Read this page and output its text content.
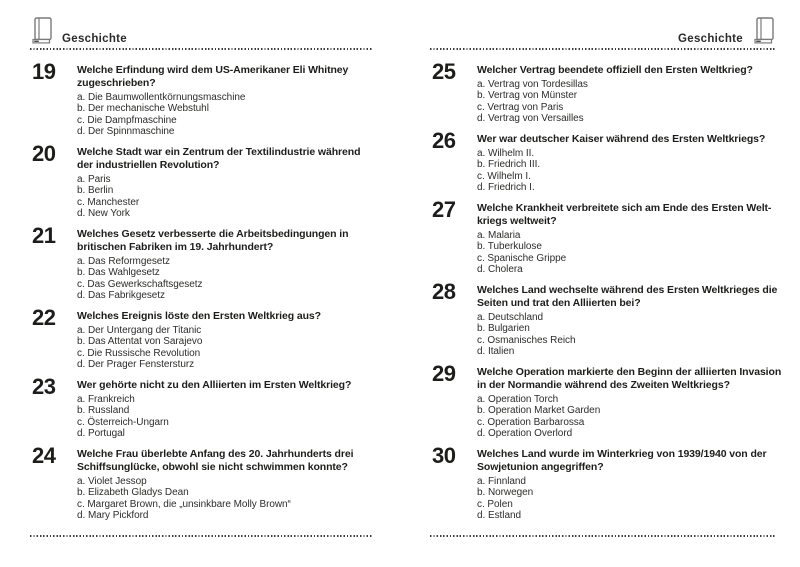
Geschichte
19	Welche Erfindung wird dem US-Amerikaner Eli Whitney
zugeschrieben?
a. Die Baumwollentkörnungsmaschine
b. Der mechanische Webstuhl
c. Die Dampfmaschine
d. Der Spinnmaschine
20	Welche Stadt war ein Zentrum der Textilindustrie während
der industriellen Revolution?
a. Paris
b. Berlin
c. Manchester
d. New York
21	Welches Gesetz verbesserte die Arbeitsbedingungen in
britischen Fabriken im 19. Jahrhundert?
a. Das Reformgesetz
b. Das Wahlgesetz
c. Das Gewerkschaftsgesetz
d. Das Fabrikgesetz
22	Welches Ereignis löste den Ersten Weltkrieg aus?
a. Der Untergang der Titanic
b. Das Attentat von Sarajevo
c. Die Russische Revolution
d. Der Prager Fenstersturz
23	Wer gehörte nicht zu den Alliierten im Ersten Weltkrieg?
a. Frankreich
b. Russland
c. Österreich-Ungarn
d. Portugal
24	Welche Frau überlebte Anfang des 20. Jahrhunderts drei
Schiffsunglücke, obwohl sie nicht schwimmen konnte?
a. Violet Jessop
b. Elizabeth Gladys Dean
c. Margaret Brown, die „unsinkbare Molly Brown“
d. Mary Pickford
Geschichte
25	Welcher Vertrag beendete offiziell den Ersten Weltkrieg?
a. Vertrag von Tordesillas
b. Vertrag von Münster
c. Vertrag von Paris
d. Vertrag von Versailles
26	Wer war deutscher Kaiser während des Ersten Weltkriegs?
a. Wilhelm II.
b. Friedrich III.
c. Wilhelm I.
d. Friedrich I.
27	Welche Krankheit verbreitete sich am Ende des Ersten Welt-
kriegs weltweit?
a. Malaria
b. Tuberkulose
c. Spanische Grippe
d. Cholera
28	Welches Land wechselte während des Ersten Weltkrieges die
Seiten und trat den Alliierten bei?
a. Deutschland
b. Bulgarien
c. Osmanisches Reich
d. Italien
29	Welche Operation markierte den Beginn der alliierten Invasion
in der Normandie während des Zweiten Weltkriegs?
a. Operation Torch
b. Operation Market Garden
c. Operation Barbarossa
d. Operation Overlord
30	Welches Land wurde im Winterkrieg von 1939/1940 von der
Sowjetunion angegriffen?
a. Finnland
b. Norwegen
c. Polen
d. Estland
